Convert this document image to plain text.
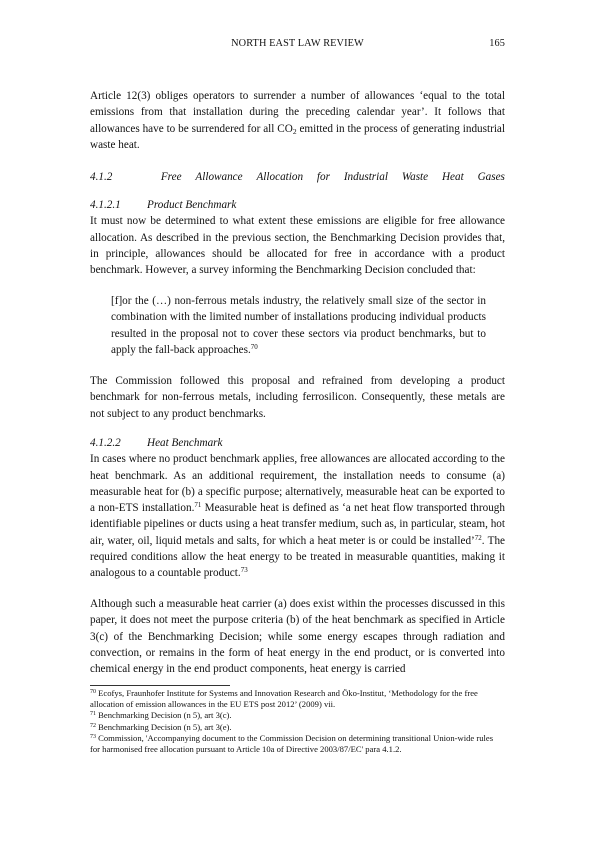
NORTH EAST LAW REVIEW	165

Article 12(3) obliges operators to surrender a number of allowances ‘equal to the total emissions from that installation during the preceding calendar year’. It follows that allowances have to be surrendered for all $CO_2$ emitted in the process of generating industrial waste heat.

4.1.2	Free Allowance Allocation for Industrial Waste Heat Gases

4.1.2.1 Product Benchmark

It must now be determined to what extent these emissions are eligible for free allowance allocation. As described in the previous section, the Benchmarking Decision provides that, in principle, allowances should be allocated for free in accordance with a product benchmark. However, a survey informing the Benchmarking Decision concluded that:

[f]or the (…) non-ferrous metals industry, the relatively small size of the sector in combination with the limited number of installations producing individual products resulted in the proposal not to cover these sectors via product benchmarks, but to apply the fall-back approaches.$^{70}$

The Commission followed this proposal and refrained from developing a product benchmark for non-ferrous metals, including ferrosilicon. Consequently, these metals are not subject to any product benchmarks.

4.1.2.2 Heat Benchmark

In cases where no product benchmark applies, free allowances are allocated according to the heat benchmark. As an additional requirement, the installation needs to consume (a) measurable heat for (b) a specific purpose; alternatively, measurable heat can be exported to a non-ETS installation.$^{71}$ Measurable heat is defined as ‘a net heat flow transported through identifiable pipelines or ducts using a heat transfer medium, such as, in particular, steam, hot air, water, oil, liquid metals and salts, for which a heat meter is or could be installed’$^{72}$. The required conditions allow the heat energy to be treated in measurable quantities, making it analogous to a countable product.$^{73}$

Although such a measurable heat carrier (a) does exist within the processes discussed in this paper, it does not meet the purpose criteria (b) of the heat benchmark as specified in Article 3(c) of the Benchmarking Decision; while some energy escapes through radiation and convection, or remains in the form of heat energy in the end product, or is converted into chemical energy in the end product components, heat energy is carried

$^{70}$ Ecofys, Fraunhofer Institute for Systems and Innovation Research and Öko-Institut, ‘Methodology for the free allocation of emission allowances in the EU ETS post 2012’ (2009) vii.
$^{71}$ Benchmarking Decision (n 5), art 3(c).
$^{72}$ Benchmarking Decision (n 5), art 3(e).
$^{73}$ Commission, 'Accompanying document to the Commission Decision on determining transitional Union-wide rules for harmonised free allocation pursuant to Article 10a of Directive 2003/87/EC' para 4.1.2.
